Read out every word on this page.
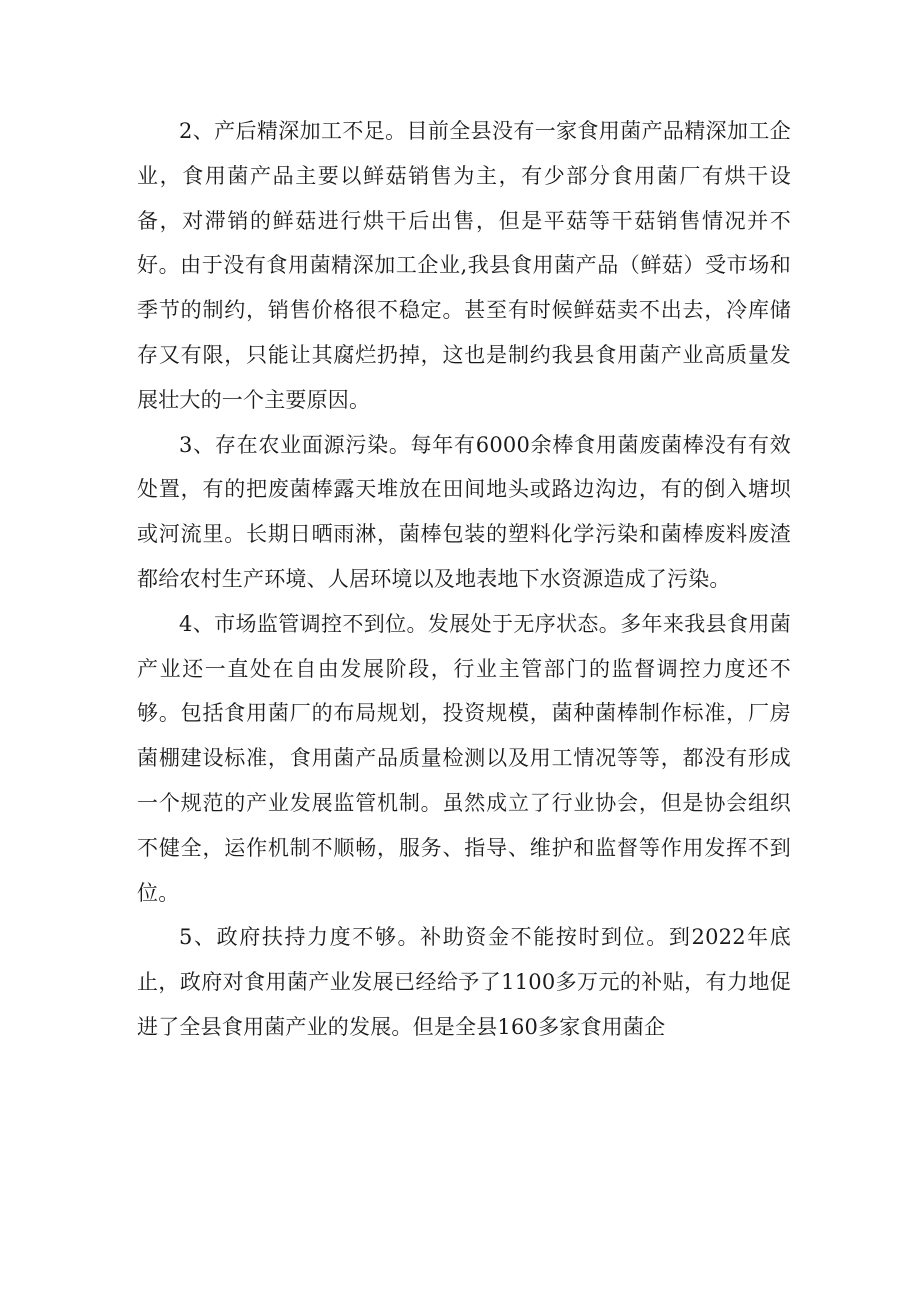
2、产后精深加工不足。目前全县没有一家食用菌产品精深加工企业，食用菌产品主要以鲜菇销售为主，有少部分食用菌厂有烘干设备，对滞销的鲜菇进行烘干后出售，但是平菇等干菇销售情况并不好。由于没有食用菌精深加工企业,我县食用菌产品（鲜菇）受市场和季节的制约，销售价格很不稳定。甚至有时候鲜菇卖不出去，冷库储存又有限，只能让其腐烂扔掉，这也是制约我县食用菌产业高质量发展壮大的一个主要原因。

3、存在农业面源污染。每年有6000余棒食用菌废菌棒没有有效处置，有的把废菌棒露天堆放在田间地头或路边沟边，有的倒入塘坝或河流里。长期日晒雨淋，菌棒包装的塑料化学污染和菌棒废料废渣都给农村生产环境、人居环境以及地表地下水资源造成了污染。

4、市场监管调控不到位。发展处于无序状态。多年来我县食用菌产业还一直处在自由发展阶段，行业主管部门的监督调控力度还不够。包括食用菌厂的布局规划，投资规模，菌种菌棒制作标准，厂房菌棚建设标准，食用菌产品质量检测以及用工情况等等，都没有形成一个规范的产业发展监管机制。虽然成立了行业协会，但是协会组织不健全，运作机制不顺畅，服务、指导、维护和监督等作用发挥不到位。

5、政府扶持力度不够。补助资金不能按时到位。到2022年底止，政府对食用菌产业发展已经给予了1100多万元的补贴，有力地促进了全县食用菌产业的发展。但是全县160多家食用菌企
